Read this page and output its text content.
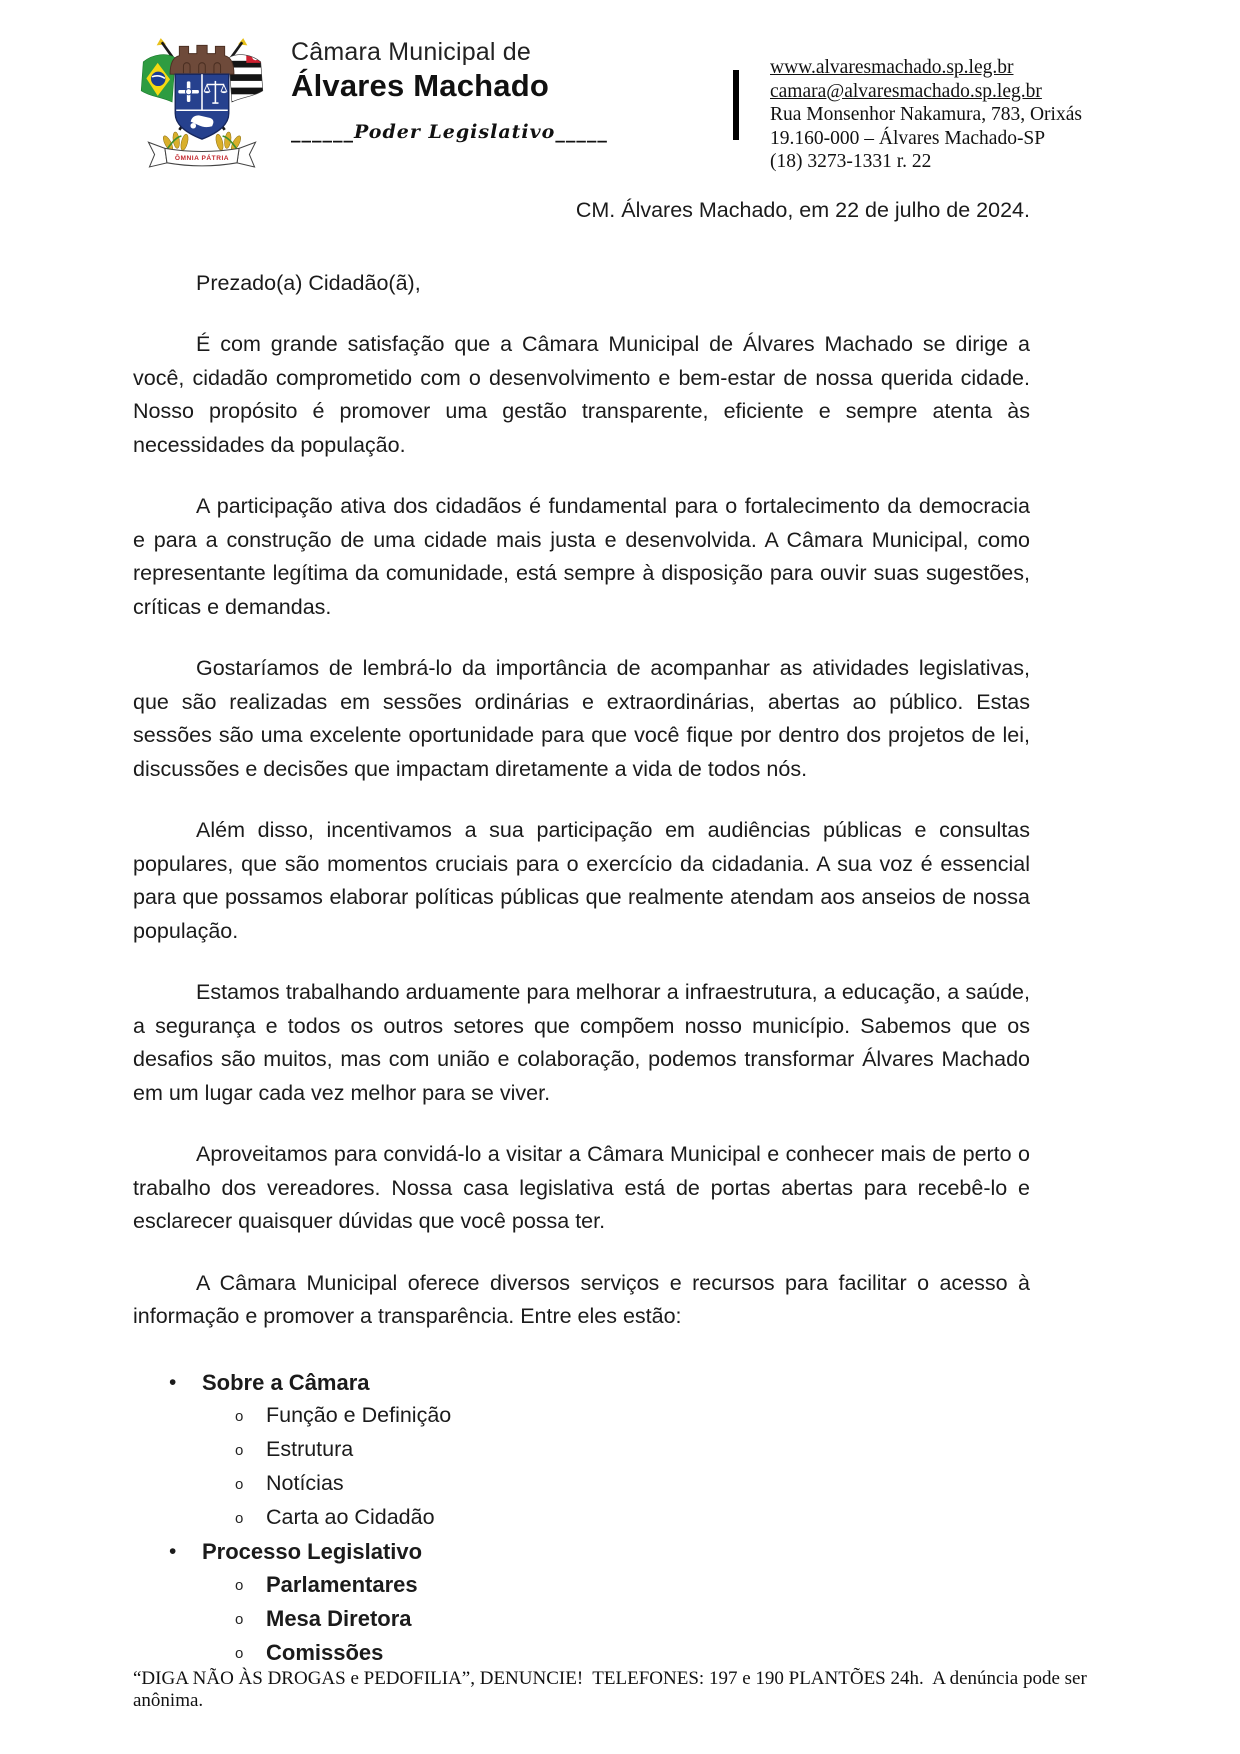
ÔMNIA PÁTRIA
Câmara Municipal de
Álvares Machado
______Poder Legislativo_____
www.alvaresmachado.sp.leg.br
camara@alvaresmachado.sp.leg.br
Rua Monsenhor Nakamura, 783, Orixás
19.160-000 – Álvares Machado-SP
(18) 3273-1331 r. 22
CM. Álvares Machado, em 22 de julho de 2024.
Prezado(a) Cidadão(ã),

É com grande satisfação que a Câmara Municipal de Álvares Machado se dirige a você, cidadão comprometido com o desenvolvimento e bem-estar de nossa querida cidade. Nosso propósito é promover uma gestão transparente, eficiente e sempre atenta às necessidades da população.

A participação ativa dos cidadãos é fundamental para o fortalecimento da democracia e para a construção de uma cidade mais justa e desenvolvida. A Câmara Municipal, como representante legítima da comunidade, está sempre à disposição para ouvir suas sugestões, críticas e demandas.

Gostaríamos de lembrá-lo da importância de acompanhar as atividades legislativas, que são realizadas em sessões ordinárias e extraordinárias, abertas ao público. Estas sessões são uma excelente oportunidade para que você fique por dentro dos projetos de lei, discussões e decisões que impactam diretamente a vida de todos nós.

Além disso, incentivamos a sua participação em audiências públicas e consultas populares, que são momentos cruciais para o exercício da cidadania. A sua voz é essencial para que possamos elaborar políticas públicas que realmente atendam aos anseios de nossa população.

Estamos trabalhando arduamente para melhorar a infraestrutura, a educação, a saúde, a segurança e todos os outros setores que compõem nosso município. Sabemos que os desafios são muitos, mas com união e colaboração, podemos transformar Álvares Machado em um lugar cada vez melhor para se viver.

Aproveitamos para convidá-lo a visitar a Câmara Municipal e conhecer mais de perto o trabalho dos vereadores. Nossa casa legislativa está de portas abertas para recebê-lo e esclarecer quaisquer dúvidas que você possa ter.

A Câmara Municipal oferece diversos serviços e recursos para facilitar o acesso à informação e promover a transparência. Entre eles estão:

•	Sobre a Câmara
o	Função e Definição
o	Estrutura
o	Notícias
o	Carta ao Cidadão
•	Processo Legislativo
o	Parlamentares
o	Mesa Diretora
o	Comissões
“DIGA NÃO ÀS DROGAS e PEDOFILIA”, DENUNCIE!  TELEFONES: 197 e 190 PLANTÕES 24h.  A denúncia pode ser anônima.
